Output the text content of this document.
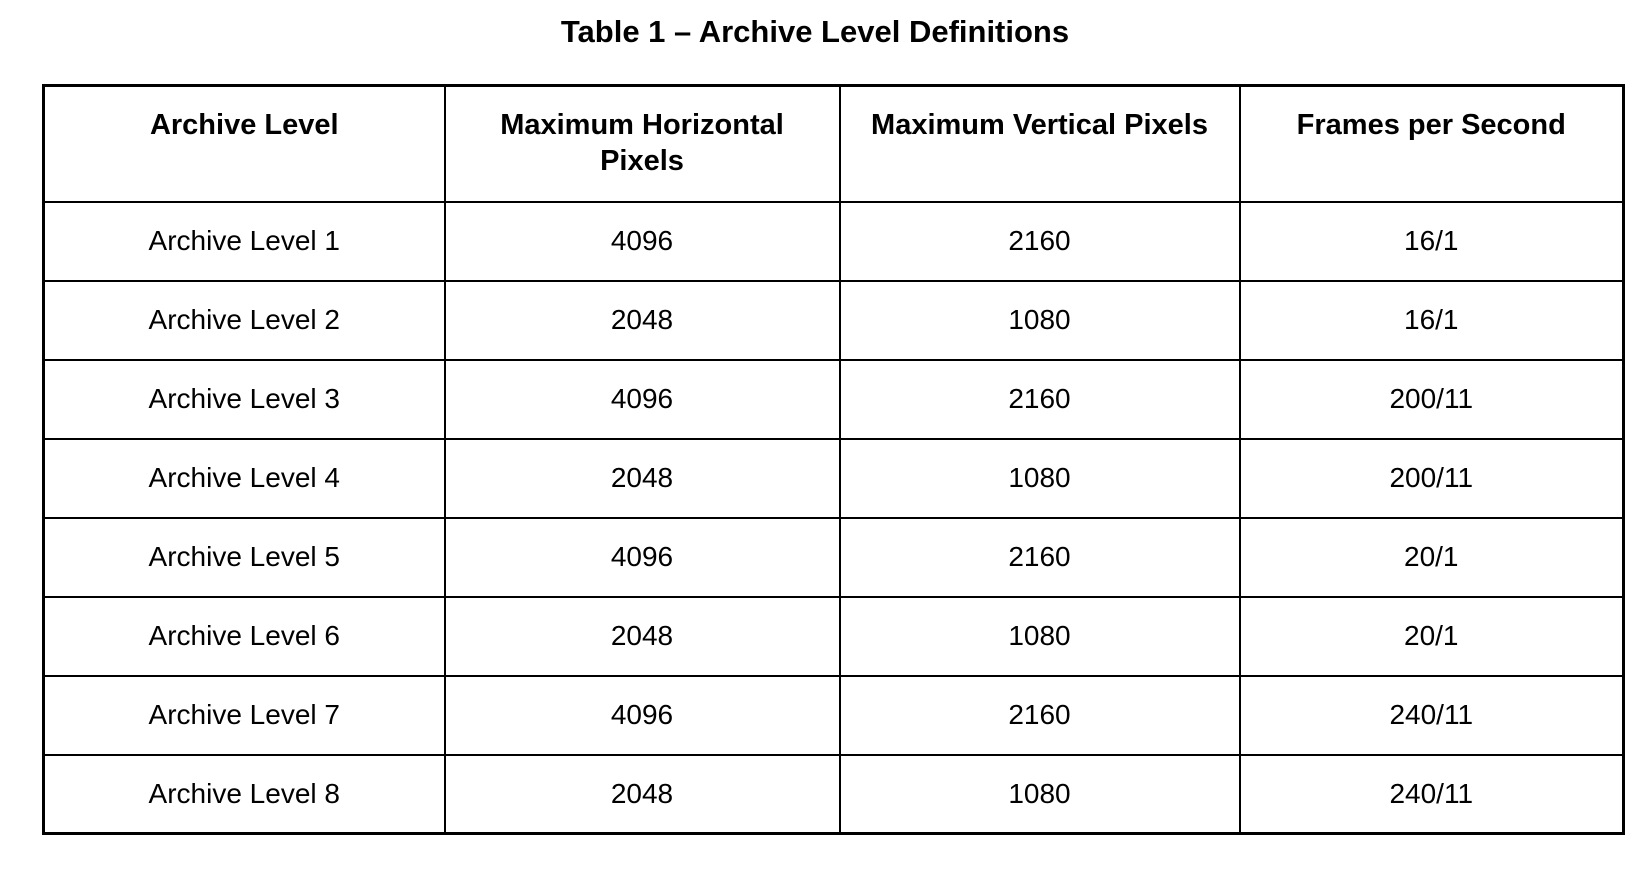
Table 1 – Archive Level Definitions
Archive Level	Maximum Horizontal Pixels	Maximum Vertical Pixels	Frames per Second
Archive Level 1	4096	2160	16/1
Archive Level 2	2048	1080	16/1
Archive Level 3	4096	2160	200/11
Archive Level 4	2048	1080	200/11
Archive Level 5	4096	2160	20/1
Archive Level 6	2048	1080	20/1
Archive Level 7	4096	2160	240/11
Archive Level 8	2048	1080	240/11
